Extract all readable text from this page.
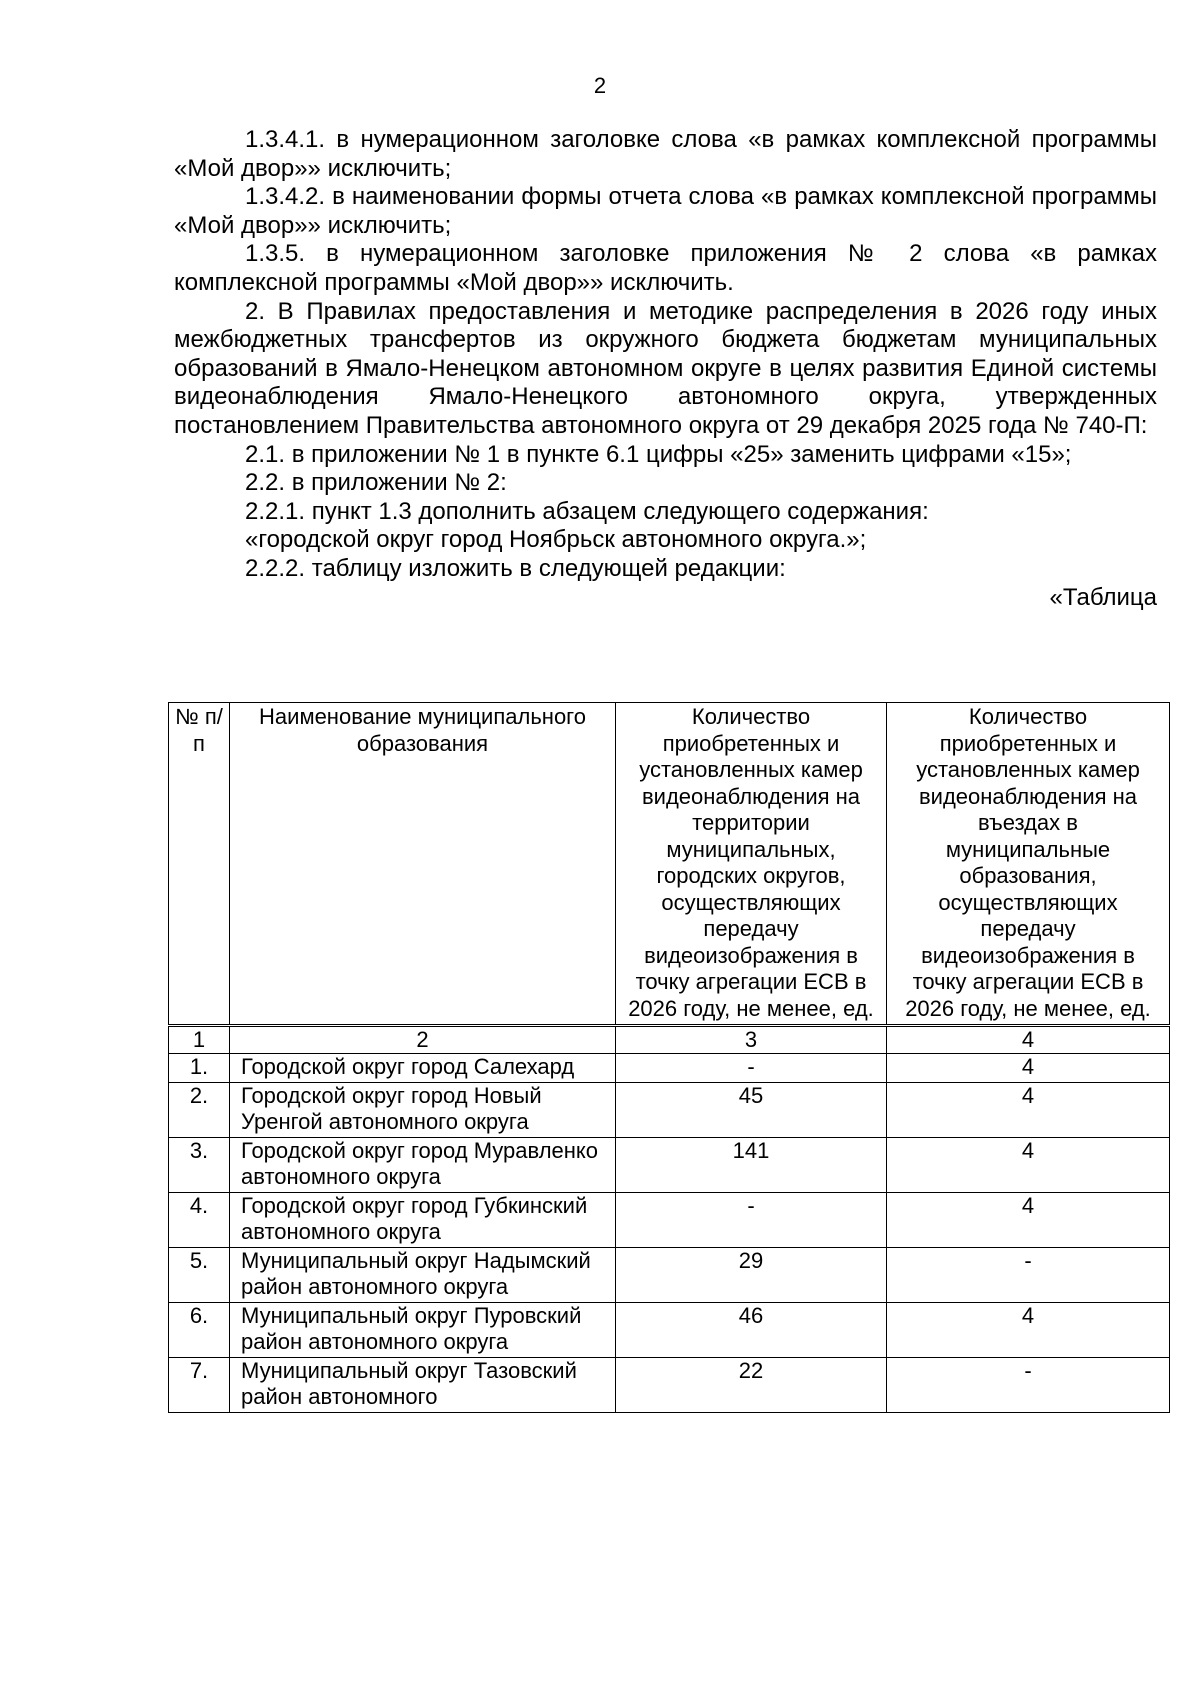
2

1.3.4.1. в нумерационном заголовке слова «в рамках комплексной программы «Мой двор»» исключить;

1.3.4.2. в наименовании формы отчета слова «в рамках комплексной программы «Мой двор»» исключить;

1.3.5. в нумерационном заголовке приложения № 2 слова «в рамках комплексной программы «Мой двор»» исключить.

2. В Правилах предоставления и методике распределения в 2026 году иных межбюджетных трансфертов из окружного бюджета бюджетам муниципальных образований в Ямало-Ненецком автономном округе в целях развития Единой системы видеонаблюдения Ямало-Ненецкого автономного округа, утвержденных постановлением Правительства автономного округа от 29 декабря 2025 года № 740-П:

2.1. в приложении № 1 в пункте 6.1 цифры «25» заменить цифрами «15»;

2.2. в приложении № 2:

2.2.1. пункт 1.3 дополнить абзацем следующего содержания:

«городской округ город Ноябрьск автономного округа.»;

2.2.2. таблицу изложить в следующей редакции:

«Таблица

№ п/п	Наименование муниципального образования	Количество приобретенных и установленных камер видеонаблюдения на территории муниципальных, городских округов, осуществляющих передачу видеоизображения в точку агрегации ЕСВ в 2026 году, не менее, ед.	Количество приобретенных и установленных камер видеонаблюдения на въездах в муниципальные образования, осуществляющих передачу видеоизображения в точку агрегации ЕСВ в 2026 году, не менее, ед.
1	2	3	4
1.	Городской округ город Салехард	-	4
2.	Городской округ город Новый Уренгой автономного округа	45	4
3.	Городской округ город Муравленко автономного округа	141	4
4.	Городской округ город Губкинский автономного округа	-	4
5.	Муниципальный округ Надымский район автономного округа	29	-
6.	Муниципальный округ Пуровский район автономного округа	46	4
7.	Муниципальный округ Тазовский район автономного	22	-
